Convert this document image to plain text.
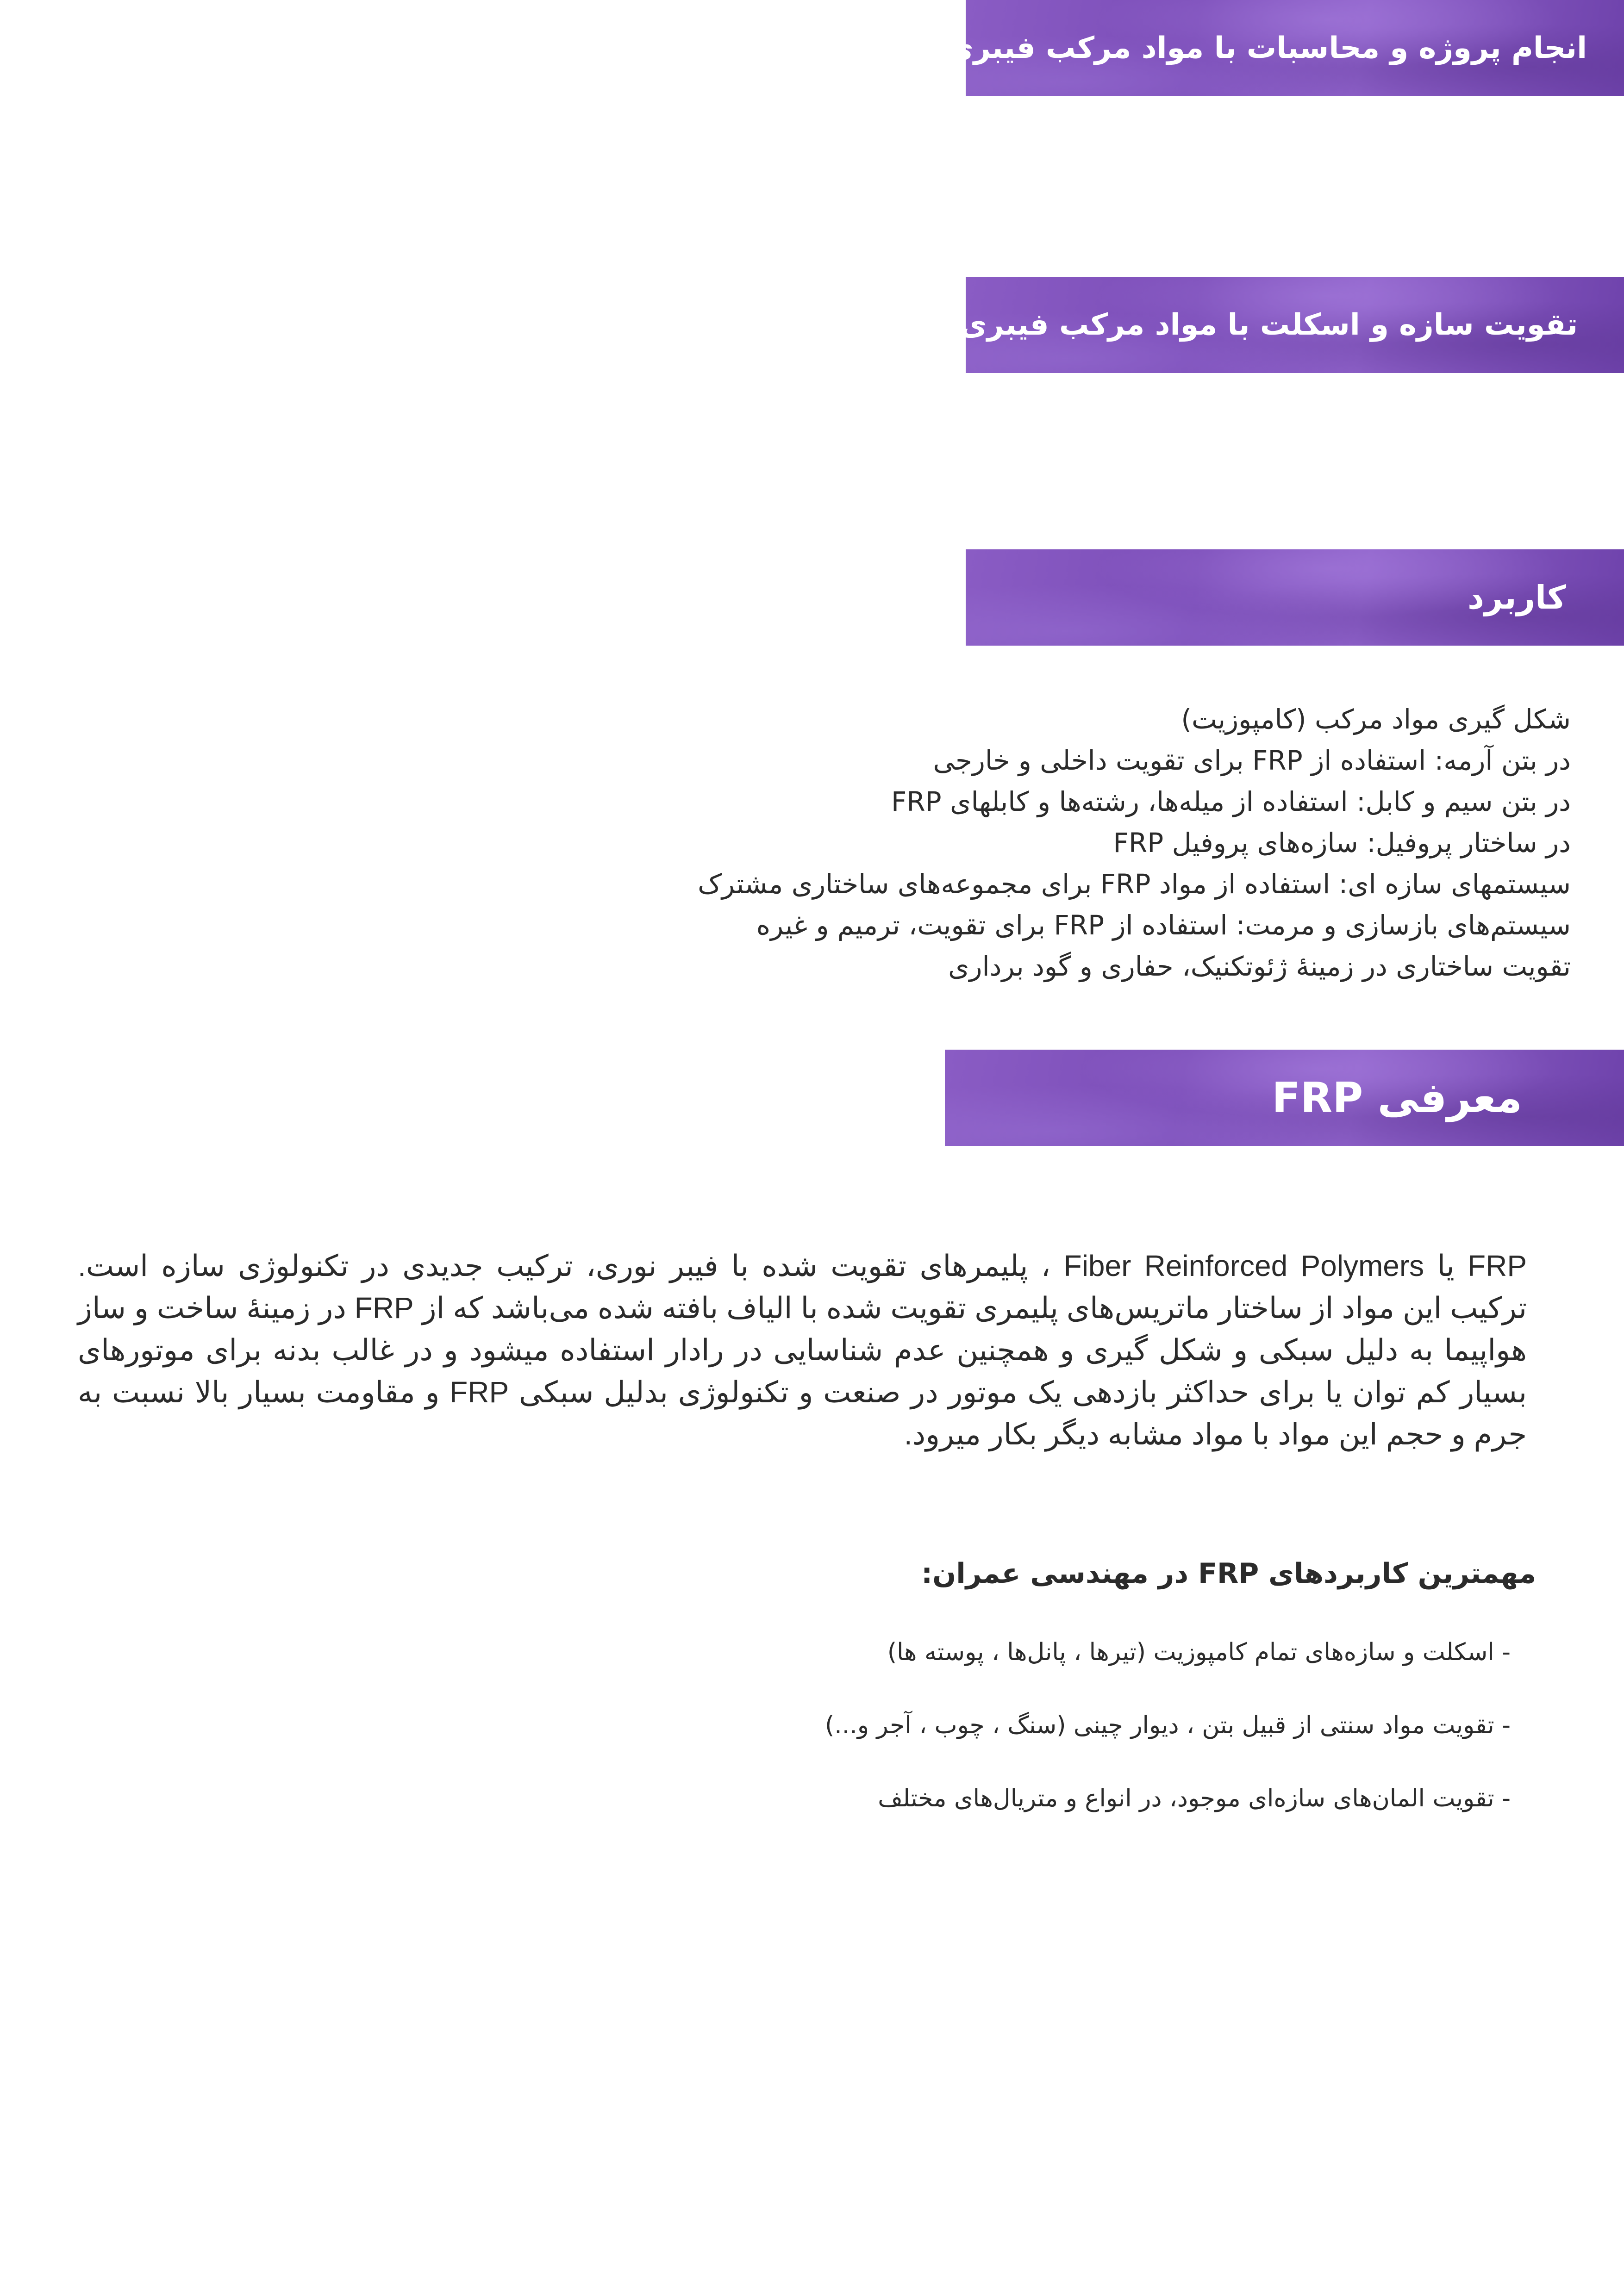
انجام پروژه و محاسبات با مواد مرکب فیبری
تقویت سازه و اسکلت با مواد مرکب فیبری
کاربرد
شکل گیری مواد مرکب (کامپوزیت)
در بتن آرمه: استفاده از FRP برای تقویت داخلی و خارجی
در بتن سیم و کابل: استفاده از میله‌ها، رشته‌ها و کابلهای FRP
در ساختار پروفیل: سازه‌های پروفیل FRP
سیستمهای سازه ای: استفاده از مواد FRP برای مجموعه‌های ساختاری مشترک
سیستم‌های بازسازی و مرمت: استفاده از FRP برای تقویت، ترمیم و غیره
تقویت ساختاری در زمینهٔ ژئوتکنیک، حفاری و گود برداری
معرفی FRP

FRP یا Fiber Reinforced Polymers ، پلیمرهای تقویت شده با فیبر نوری، ترکیب جدیدی در تکنولوژی سازه است. ترکیب این مواد از ساختار ماتریس‌های پلیمری تقویت شده با الیاف بافته شده می‌باشد که از FRP در زمینهٔ ساخت و ساز هواپیما به دلیل سبکی و شکل گیری و همچنین عدم شناسایی در رادار استفاده میشود و در غالب بدنه برای موتورهای بسیار کم توان یا برای حداکثر بازدهی یک موتور در صنعت و تکنولوژی بدلیل سبکی FRP و مقاومت بسیار بالا نسبت به جرم و حجم این مواد با مواد مشابه دیگر بکار میرود.

مهمترین کاربردهای FRP در مهندسی عمران:
- اسکلت و سازه‌های تمام کامپوزیت (تیرها ، پانل‌ها ، پوسته ها)
- تقویت مواد سنتی از قبیل بتن ، دیوار چینی (سنگ ، چوب ، آجر و...)
- تقویت المان‌های سازه‌ای موجود، در انواع و متریال‌های مختلف
